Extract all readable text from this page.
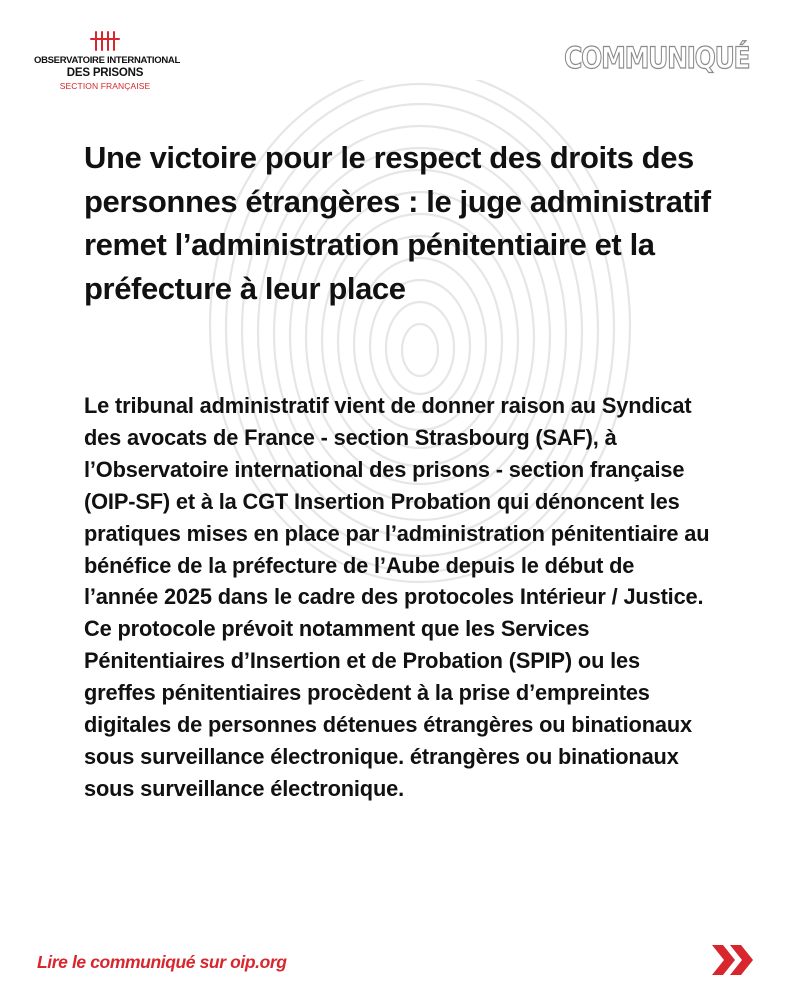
OBSERVATOIRE INTERNATIONAL
DES PRISONS
SECTION FRANÇAISE
COMMUNIQUÉ
Une victoire pour le respect des droits des personnes étrangères : le juge administratif remet l’administration pénitentiaire et la préfecture à leur place

Le tribunal administratif vient de donner raison au Syndicat des avocats de France - section Strasbourg (SAF), à l’Observatoire international des prisons - section française (OIP-SF) et à la CGT Insertion Probation qui dénoncent les pratiques mises en place par l’administration pénitentiaire au bénéfice de la préfecture de l’Aube depuis le début de l’année 2025 dans le cadre des protocoles Intérieur / Justice. Ce protocole prévoit notamment que les Services Pénitentiaires d’Insertion et de Probation (SPIP) ou les greffes pénitentiaires procèdent à la prise d’empreintes digitales de personnes détenues étrangères ou binationaux sous surveillance électronique. étrangères ou binationaux sous surveillance électronique.

Lire le communiqué sur oip.org
